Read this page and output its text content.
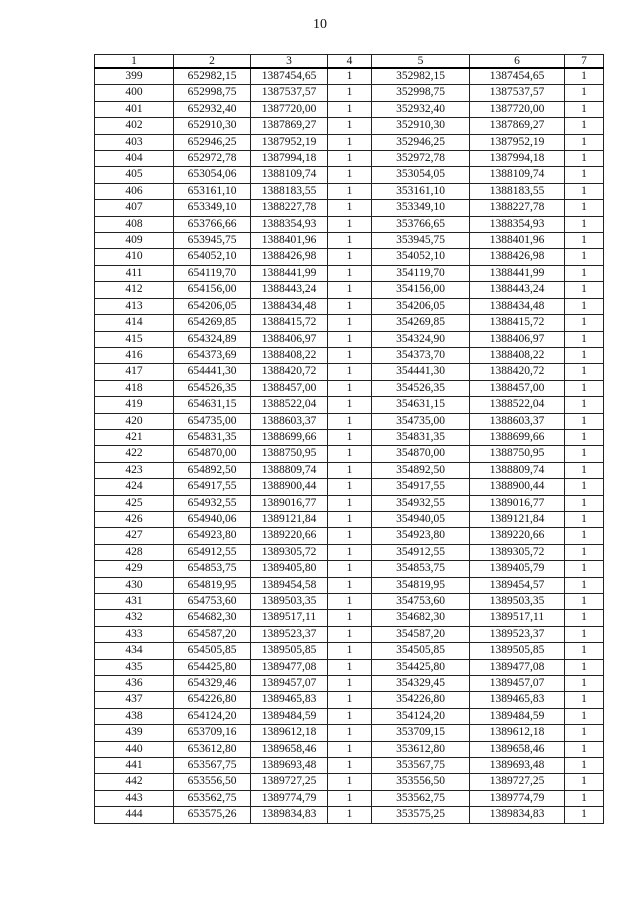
10
1	2	3	4	5	6	7
399	652982,15	1387454,65	1	352982,15	1387454,65	1
400	652998,75	1387537,57	1	352998,75	1387537,57	1
401	652932,40	1387720,00	1	352932,40	1387720,00	1
402	652910,30	1387869,27	1	352910,30	1387869,27	1
403	652946,25	1387952,19	1	352946,25	1387952,19	1
404	652972,78	1387994,18	1	352972,78	1387994,18	1
405	653054,06	1388109,74	1	353054,05	1388109,74	1
406	653161,10	1388183,55	1	353161,10	1388183,55	1
407	653349,10	1388227,78	1	353349,10	1388227,78	1
408	653766,66	1388354,93	1	353766,65	1388354,93	1
409	653945,75	1388401,96	1	353945,75	1388401,96	1
410	654052,10	1388426,98	1	354052,10	1388426,98	1
411	654119,70	1388441,99	1	354119,70	1388441,99	1
412	654156,00	1388443,24	1	354156,00	1388443,24	1
413	654206,05	1388434,48	1	354206,05	1388434,48	1
414	654269,85	1388415,72	1	354269,85	1388415,72	1
415	654324,89	1388406,97	1	354324,90	1388406,97	1
416	654373,69	1388408,22	1	354373,70	1388408,22	1
417	654441,30	1388420,72	1	354441,30	1388420,72	1
418	654526,35	1388457,00	1	354526,35	1388457,00	1
419	654631,15	1388522,04	1	354631,15	1388522,04	1
420	654735,00	1388603,37	1	354735,00	1388603,37	1
421	654831,35	1388699,66	1	354831,35	1388699,66	1
422	654870,00	1388750,95	1	354870,00	1388750,95	1
423	654892,50	1388809,74	1	354892,50	1388809,74	1
424	654917,55	1388900,44	1	354917,55	1388900,44	1
425	654932,55	1389016,77	1	354932,55	1389016,77	1
426	654940,06	1389121,84	1	354940,05	1389121,84	1
427	654923,80	1389220,66	1	354923,80	1389220,66	1
428	654912,55	1389305,72	1	354912,55	1389305,72	1
429	654853,75	1389405,80	1	354853,75	1389405,79	1
430	654819,95	1389454,58	1	354819,95	1389454,57	1
431	654753,60	1389503,35	1	354753,60	1389503,35	1
432	654682,30	1389517,11	1	354682,30	1389517,11	1
433	654587,20	1389523,37	1	354587,20	1389523,37	1
434	654505,85	1389505,85	1	354505,85	1389505,85	1
435	654425,80	1389477,08	1	354425,80	1389477,08	1
436	654329,46	1389457,07	1	354329,45	1389457,07	1
437	654226,80	1389465,83	1	354226,80	1389465,83	1
438	654124,20	1389484,59	1	354124,20	1389484,59	1
439	653709,16	1389612,18	1	353709,15	1389612,18	1
440	653612,80	1389658,46	1	353612,80	1389658,46	1
441	653567,75	1389693,48	1	353567,75	1389693,48	1
442	653556,50	1389727,25	1	353556,50	1389727,25	1
443	653562,75	1389774,79	1	353562,75	1389774,79	1
444	653575,26	1389834,83	1	353575,25	1389834,83	1
